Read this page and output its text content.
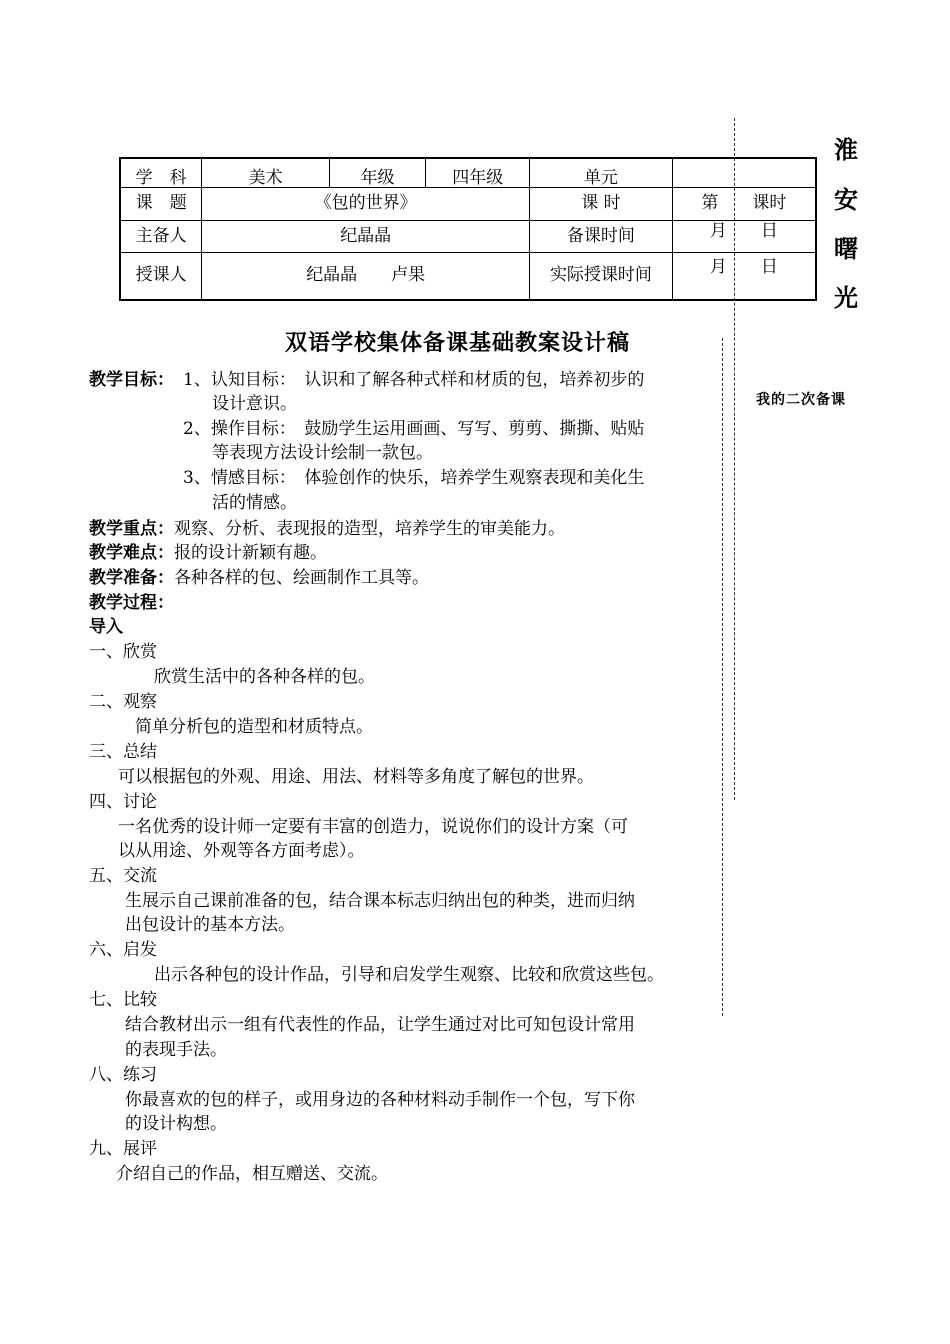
学　科	美术	年级	四年级	单元	
课　题	《包的世界》			课 时	第　　课时
主备人	纪晶晶			备课时间	月　　日
授课人	纪晶晶　　卢果			实际授课时间	月　　日
淮
安
曙
光
我的二次备课
双语学校集体备课基础教案设计稿
教学目标： 1、认知目标：　认识和了解各种式样和材质的包，培养初步的
设计意识。
2、操作目标：　鼓励学生运用画画、写写、剪剪、撕撕、贴贴
等表现方法设计绘制一款包。
3、情感目标：　体验创作的快乐，培养学生观察表现和美化生
活的情感。
教学重点：观察、分析、表现报的造型，培养学生的审美能力。
教学难点：报的设计新颖有趣。
教学准备：各种各样的包、绘画制作工具等。
教学过程：
导入
一、欣赏
欣赏生活中的各种各样的包。
二、观察
简单分析包的造型和材质特点。
三、总结
可以根据包的外观、用途、用法、材料等多角度了解包的世界。
四、讨论
一名优秀的设计师一定要有丰富的创造力，说说你们的设计方案（可
以从用途、外观等各方面考虑）。
五、交流
生展示自己课前准备的包，结合课本标志归纳出包的种类，进而归纳
出包设计的基本方法。
六、启发
出示各种包的设计作品，引导和启发学生观察、比较和欣赏这些包。
七、比较
结合教材出示一组有代表性的作品，让学生通过对比可知包设计常用
的表现手法。
八、练习
你最喜欢的包的样子，或用身边的各种材料动手制作一个包，写下你
的设计构想。
九、展评
介绍自己的作品，相互赠送、交流。
